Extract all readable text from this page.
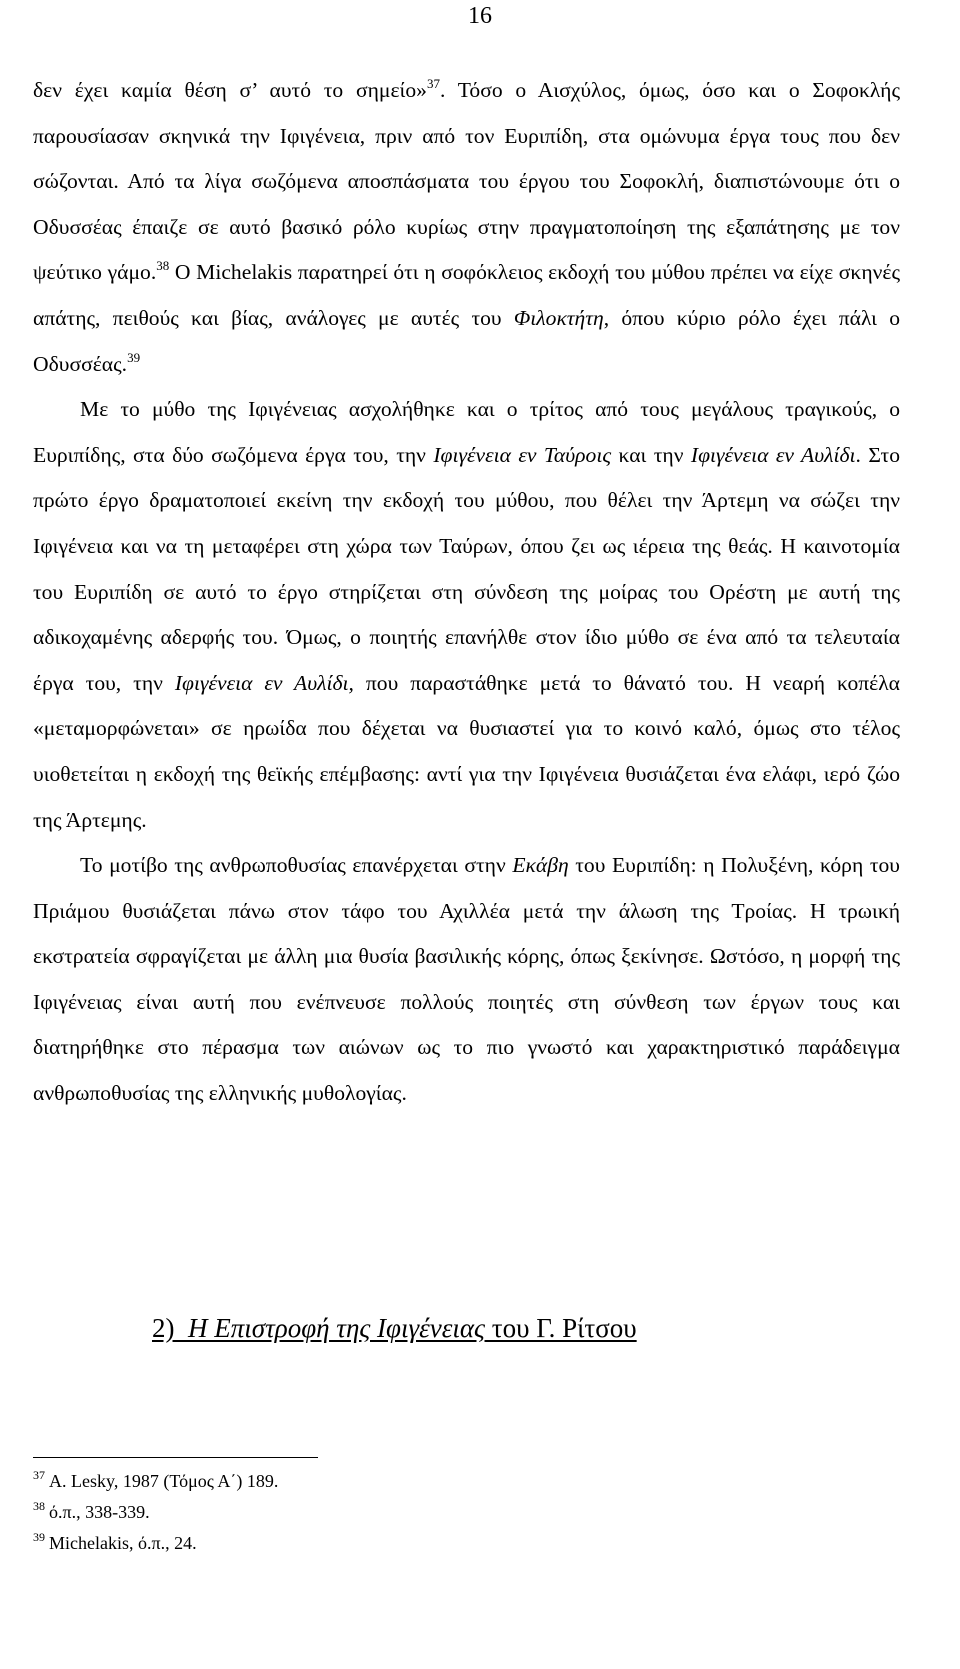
16

δεν έχει καμία θέση σ’ αυτό το σημείο»$^{37}$. Τόσο ο Αισχύλος, όμως, όσο και ο Σοφοκλής παρουσίασαν σκηνικά την Ιφιγένεια, πριν από τον Ευριπίδη, στα ομώνυμα έργα τους που δεν σώζονται. Από τα λίγα σωζόμενα αποσπάσματα του έργου του Σοφοκλή, διαπιστώνουμε ότι ο Οδυσσέας έπαιζε σε αυτό βασικό ρόλο κυρίως στην πραγματοποίηση της εξαπάτησης με τον ψεύτικο γάμο.$^{38}$ Ο Michelakis παρατηρεί ότι η σοφόκλειος εκδοχή του μύθου πρέπει να είχε σκηνές απάτης, πειθούς και βίας, ανάλογες με αυτές του Φιλοκτήτη, όπου κύριο ρόλο έχει πάλι ο Οδυσσέας.$^{39}$

Με το μύθο της Ιφιγένειας ασχολήθηκε και ο τρίτος από τους μεγάλους τραγικούς, ο Ευριπίδης, στα δύο σωζόμενα έργα του, την Ιφιγένεια εν Ταύροις και την Ιφιγένεια εν Αυλίδι. Στο πρώτο έργο δραματοποιεί εκείνη την εκδοχή του μύθου, που θέλει την Άρτεμη να σώζει την Ιφιγένεια και να τη μεταφέρει στη χώρα των Ταύρων, όπου ζει ως ιέρεια της θεάς. Η καινοτομία του Ευριπίδη σε αυτό το έργο στηρίζεται στη σύνδεση της μοίρας του Ορέστη με αυτή της αδικοχαμένης αδερφής του. Όμως, ο ποιητής επανήλθε στον ίδιο μύθο σε ένα από τα τελευταία έργα του, την Ιφιγένεια εν Αυλίδι, που παραστάθηκε μετά το θάνατό του. Η νεαρή κοπέλα «μεταμορφώνεται» σε ηρωίδα που δέχεται να θυσιαστεί για το κοινό καλό, όμως στο τέλος υιοθετείται η εκδοχή της θεϊκής επέμβασης: αντί για την Ιφιγένεια θυσιάζεται ένα ελάφι, ιερό ζώο της Άρτεμης.

Το μοτίβο της ανθρωποθυσίας επανέρχεται στην Εκάβη του Ευριπίδη: η Πολυξένη, κόρη του Πριάμου θυσιάζεται πάνω στον τάφο του Αχιλλέα μετά την άλωση της Τροίας. Η τρωική εκστρατεία σφραγίζεται με άλλη μια θυσία βασιλικής κόρης, όπως ξεκίνησε. Ωστόσο, η μορφή της Ιφιγένειας είναι αυτή που ενέπνευσε πολλούς ποιητές στη σύνθεση των έργων τους και διατηρήθηκε στο πέρασμα των αιώνων ως το πιο γνωστό και χαρακτηριστικό παράδειγμα ανθρωποθυσίας της ελληνικής μυθολογίας.

2) Η Επιστροφή της Ιφιγένειας του Γ. Ρίτσου
$^{37}$ A. Lesky, 1987 (Τόμος Α΄) 189.
$^{38}$ ό.π., 338-339.
$^{39}$ Michelakis, ό.π., 24.
